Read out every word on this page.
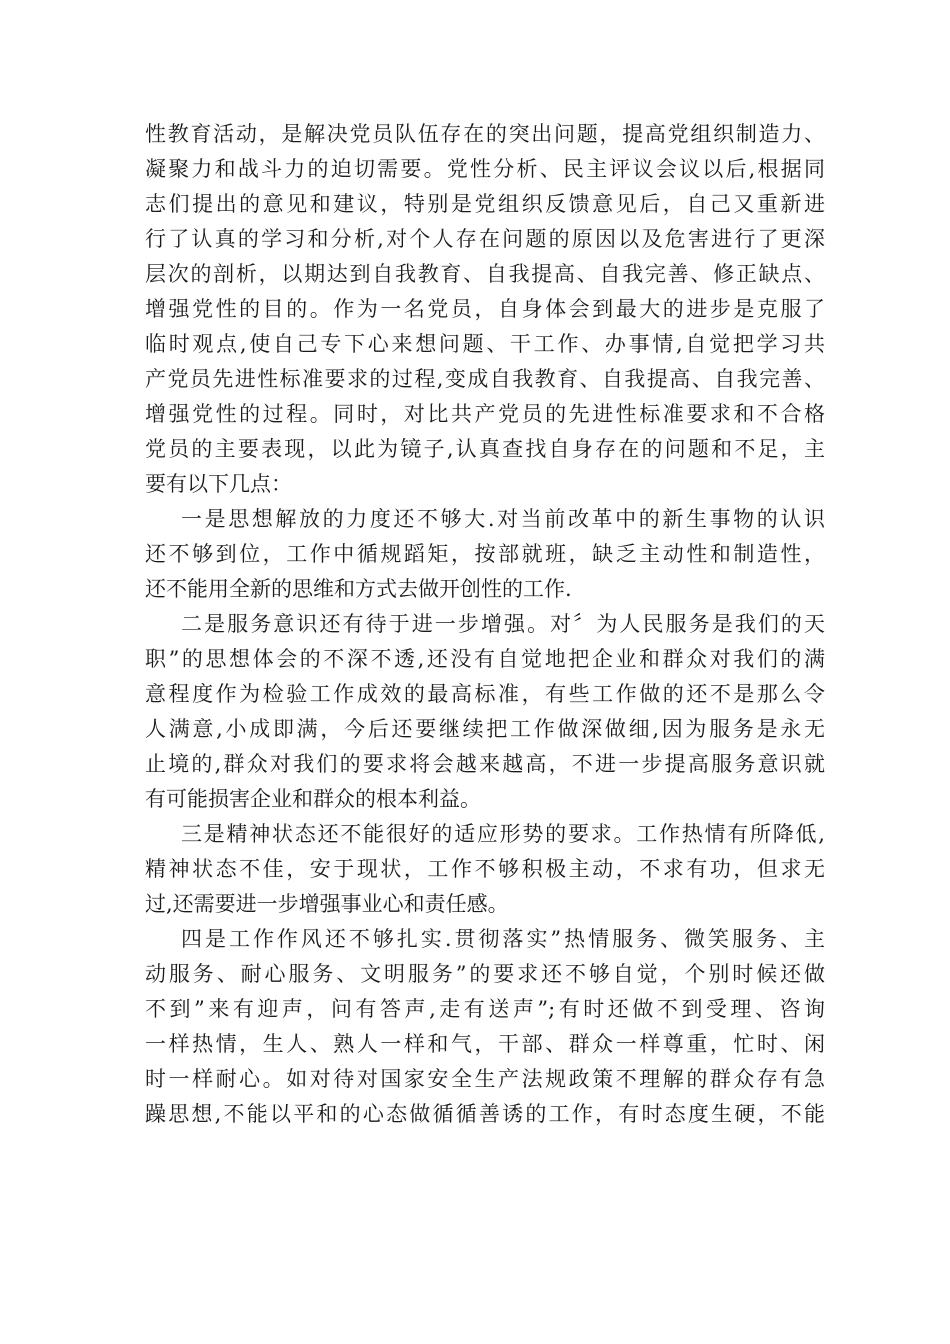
性教育活动，是解决党员队伍存在的突出问题，提高党组织制造力、
凝聚力和战斗力的迫切需要。党性分析、民主评议会议以后,根据同
志们提出的意见和建议，特别是党组织反馈意见后，自己又重新进
行了认真的学习和分析,对个人存在问题的原因以及危害进行了更深
层次的剖析，以期达到自我教育、自我提高、自我完善、修正缺点、
增强党性的目的。作为一名党员，自身体会到最大的进步是克服了
临时观点,使自己专下心来想问题、干工作、办事情,自觉把学习共
产党员先进性标准要求的过程,变成自我教育、自我提高、自我完善、
增强党性的过程。同时，对比共产党员的先进性标准要求和不合格
党员的主要表现，以此为镜子,认真查找自身存在的问题和不足，主
要有以下几点：
一是思想解放的力度还不够大.对当前改革中的新生事物的认识
还不够到位，工作中循规蹈矩，按部就班，缺乏主动性和制造性，
还不能用全新的思维和方式去做开创性的工作.
二是服务意识还有待于进一步增强。对〞为人民服务是我们的天
职”的思想体会的不深不透,还没有自觉地把企业和群众对我们的满
意程度作为检验工作成效的最高标准，有些工作做的还不是那么令
人满意,小成即满，今后还要继续把工作做深做细,因为服务是永无
止境的,群众对我们的要求将会越来越高，不进一步提高服务意识就
有可能损害企业和群众的根本利益。
三是精神状态还不能很好的适应形势的要求。工作热情有所降低,
精神状态不佳，安于现状，工作不够积极主动，不求有功，但求无
过,还需要进一步增强事业心和责任感。
四是工作作风还不够扎实.贯彻落实”热情服务、微笑服务、主
动服务、耐心服务、文明服务”的要求还不够自觉，个别时候还做
不到”来有迎声，问有答声,走有送声”;有时还做不到受理、咨询
一样热情，生人、熟人一样和气，干部、群众一样尊重，忙时、闲
时一样耐心。如对待对国家安全生产法规政策不理解的群众存有急
躁思想,不能以平和的心态做循循善诱的工作，有时态度生硬，不能
